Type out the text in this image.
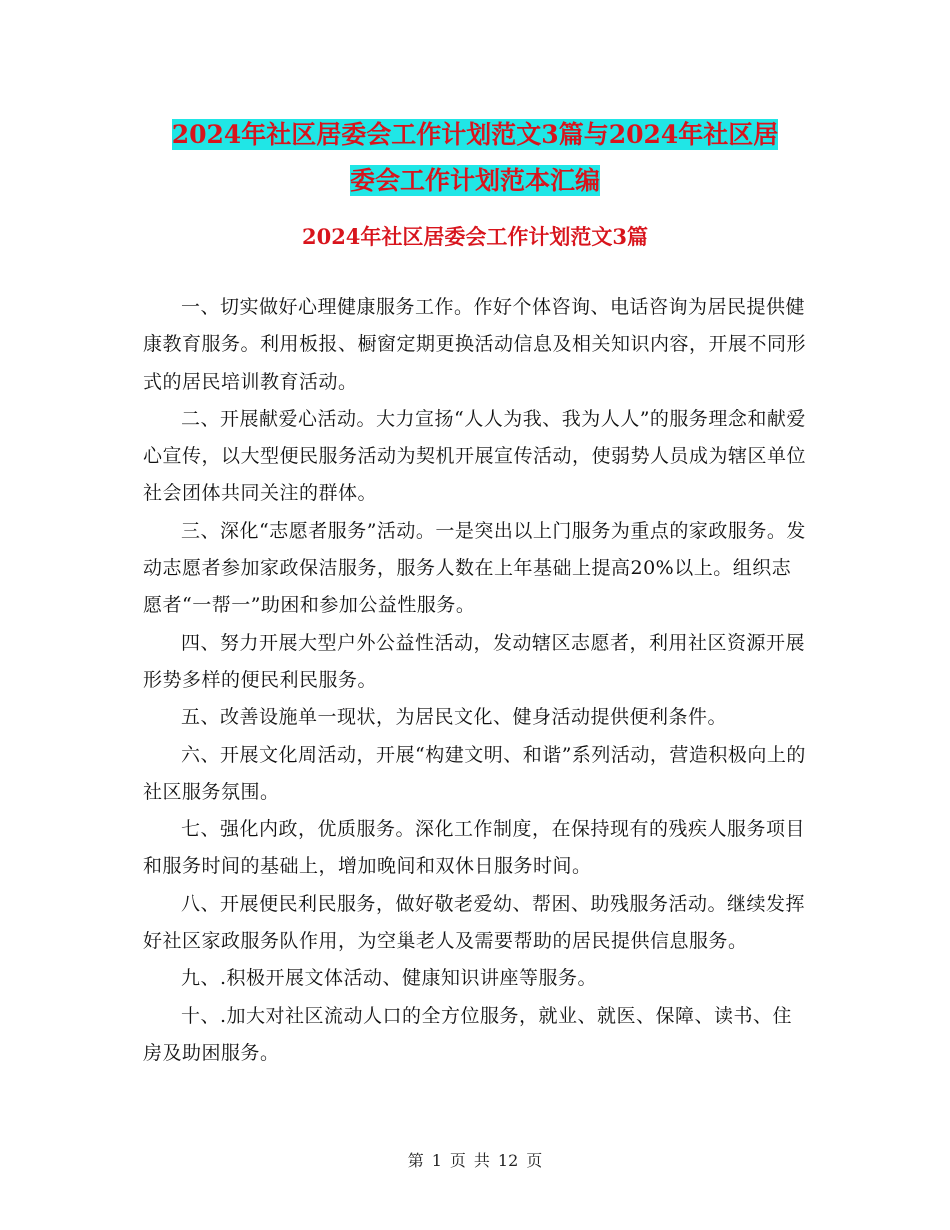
2024年社区居委会工作计划范文3篇与2024年社区居
委会工作计划范本汇编
2024年社区居委会工作计划范文3篇

一、切实做好心理健康服务工作。作好个体咨询、电话咨询为居民提供健康教育服务。利用板报、橱窗定期更换活动信息及相关知识内容，开展不同形式的居民培训教育活动。

二、开展献爱心活动。大力宣扬“人人为我、我为人人”的服务理念和献爱心宣传，以大型便民服务活动为契机开展宣传活动，使弱势人员成为辖区单位社会团体共同关注的群体。

三、深化“志愿者服务”活动。一是突出以上门服务为重点的家政服务。发动志愿者参加家政保洁服务，服务人数在上年基础上提高20%以上。组织志愿者“一帮一”助困和参加公益性服务。

四、努力开展大型户外公益性活动，发动辖区志愿者，利用社区资源开展形势多样的便民利民服务。

五、改善设施单一现状，为居民文化、健身活动提供便利条件。

六、开展文化周活动，开展“构建文明、和谐”系列活动，营造积极向上的社区服务氛围。

七、强化内政，优质服务。深化工作制度，在保持现有的残疾人服务项目和服务时间的基础上，增加晚间和双休日服务时间。

八、开展便民利民服务，做好敬老爱幼、帮困、助残服务活动。继续发挥好社区家政服务队作用，为空巢老人及需要帮助的居民提供信息服务。

九、.积极开展文体活动、健康知识讲座等服务。

十、.加大对社区流动人口的全方位服务，就业、就医、保障、读书、住房及助困服务。

第 1 页 共 12 页
